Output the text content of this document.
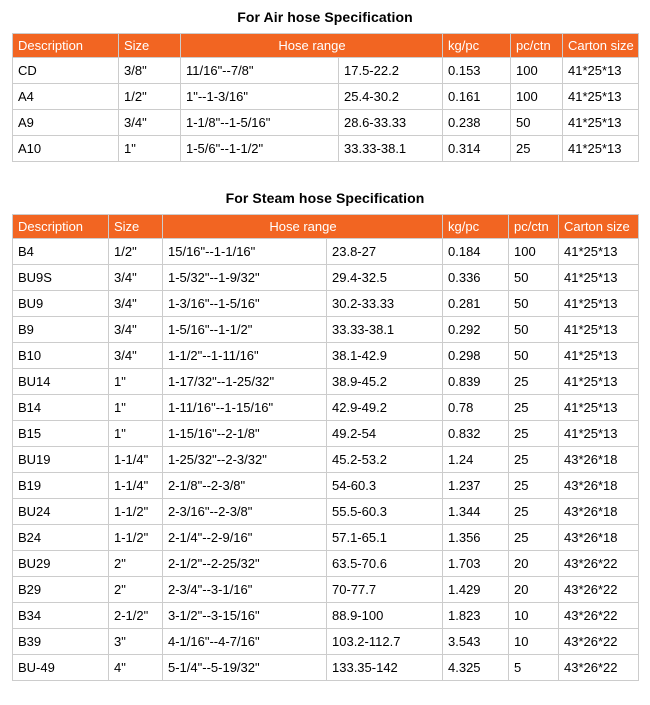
For Air hose Specification
Description	Size	Hose range		kg/pc	pc/ctn	Carton size
CD	3/8"	11/16"--7/8"	17.5-22.2	0.153	100	41*25*13
A4	1/2"	1"--1-3/16"	25.4-30.2	0.161	100	41*25*13
A9	3/4"	1-1/8"--1-5/16"	28.6-33.33	0.238	50	41*25*13
A10	1"	1-5/6"--1-1/2"	33.33-38.1	0.314	25	41*25*13
For Steam hose Specification
Description	Size	Hose range		kg/pc	pc/ctn	Carton size
B4	1/2"	15/16"--1-1/16"	23.8-27	0.184	100	41*25*13
BU9S	3/4"	1-5/32"--1-9/32"	29.4-32.5	0.336	50	41*25*13
BU9	3/4"	1-3/16"--1-5/16"	30.2-33.33	0.281	50	41*25*13
B9	3/4"	1-5/16"--1-1/2"	33.33-38.1	0.292	50	41*25*13
B10	3/4"	1-1/2"--1-11/16"	38.1-42.9	0.298	50	41*25*13
BU14	1"	1-17/32"--1-25/32"	38.9-45.2	0.839	25	41*25*13
B14	1"	1-11/16"--1-15/16"	42.9-49.2	0.78	25	41*25*13
B15	1"	1-15/16"--2-1/8"	49.2-54	0.832	25	41*25*13
BU19	1-1/4"	1-25/32"--2-3/32"	45.2-53.2	1.24	25	43*26*18
B19	1-1/4"	2-1/8"--2-3/8"	54-60.3	1.237	25	43*26*18
BU24	1-1/2"	2-3/16"--2-3/8"	55.5-60.3	1.344	25	43*26*18
B24	1-1/2"	2-1/4"--2-9/16"	57.1-65.1	1.356	25	43*26*18
BU29	2"	2-1/2"--2-25/32"	63.5-70.6	1.703	20	43*26*22
B29	2"	2-3/4"--3-1/16"	70-77.7	1.429	20	43*26*22
B34	2-1/2"	3-1/2"--3-15/16"	88.9-100	1.823	10	43*26*22
B39	3"	4-1/16"--4-7/16"	103.2-112.7	3.543	10	43*26*22
BU-49	4"	5-1/4"--5-19/32"	133.35-142	4.325	5	43*26*22
